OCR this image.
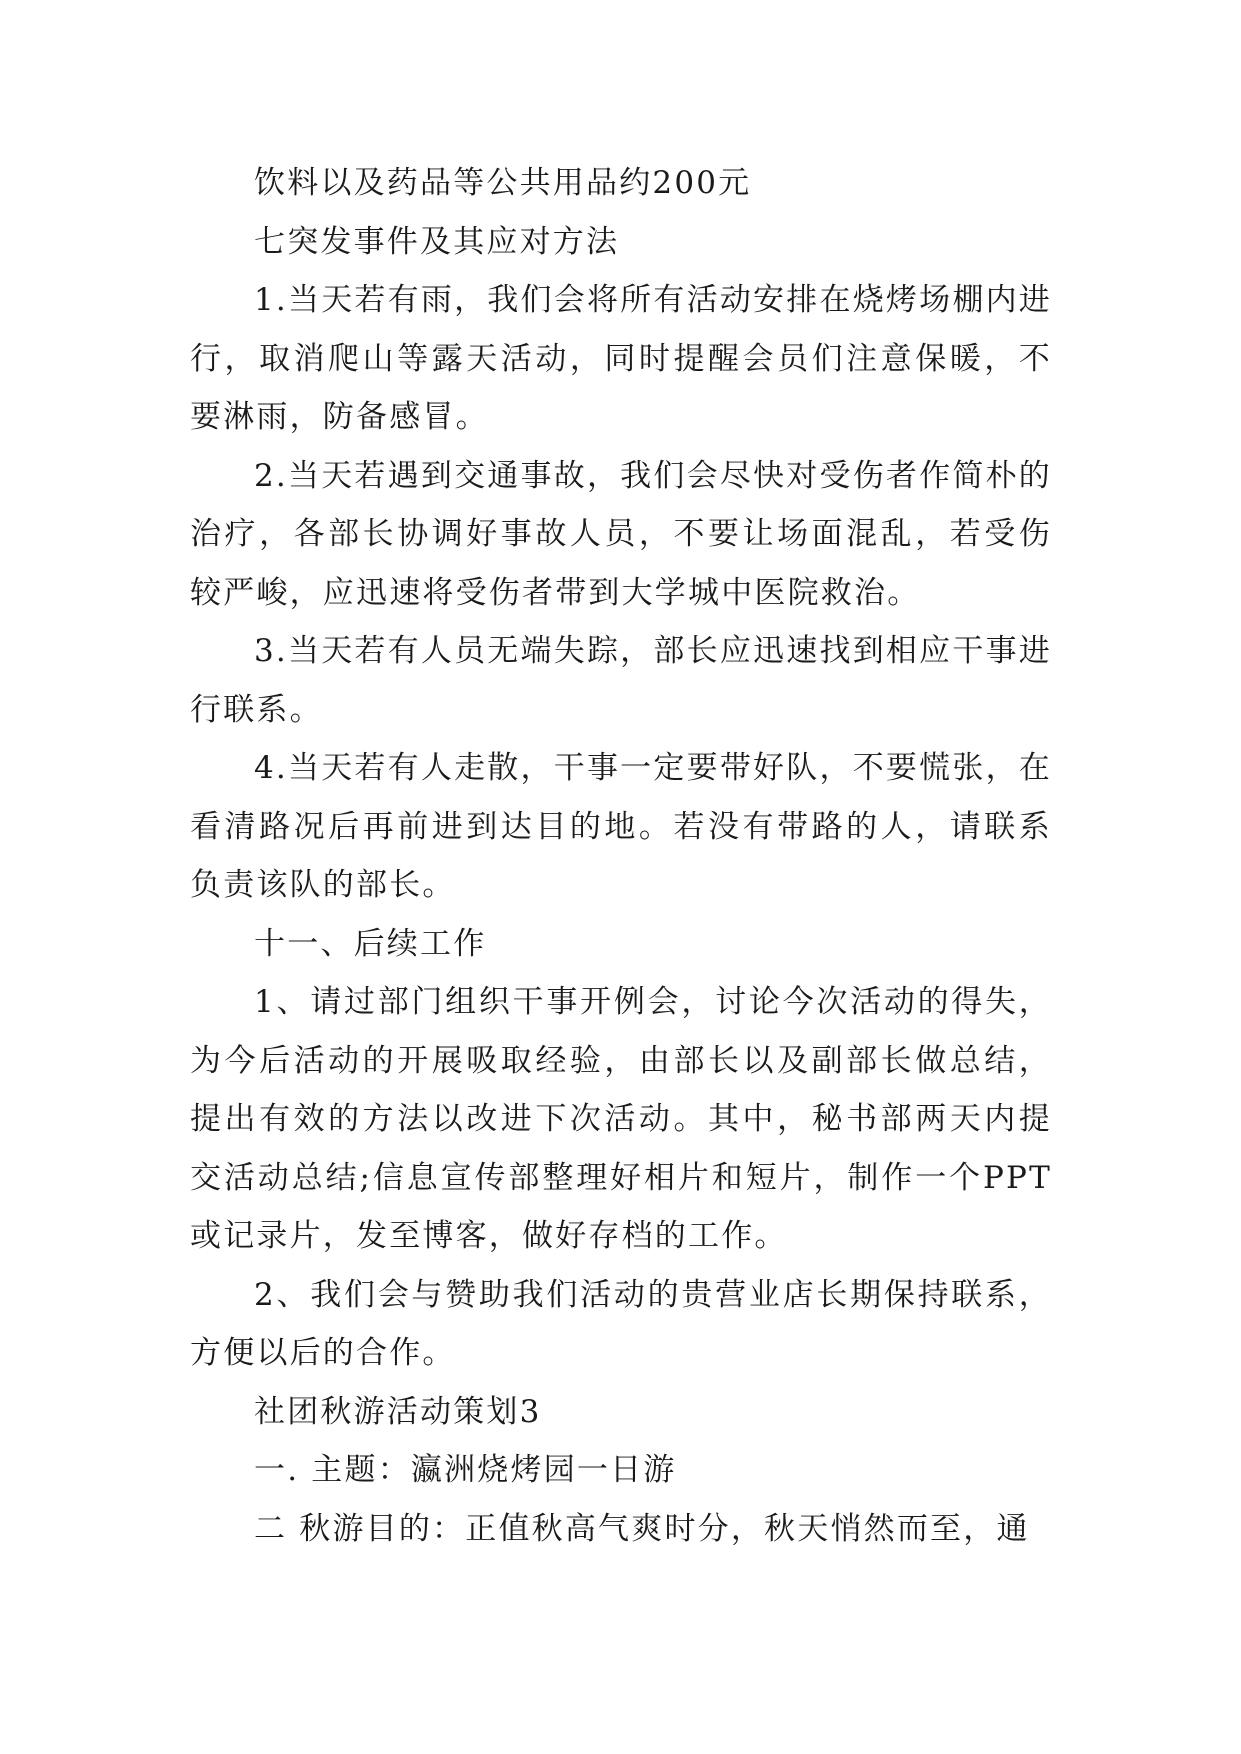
饮料以及药品等公共用品约200元

七突发事件及其应对方法

1.当天若有雨，我们会将所有活动安排在烧烤场棚内进行，取消爬山等露天活动，同时提醒会员们注意保暖，不要淋雨，防备感冒。

2.当天若遇到交通事故，我们会尽快对受伤者作简朴的治疗，各部长协调好事故人员，不要让场面混乱，若受伤较严峻，应迅速将受伤者带到大学城中医院救治。

3.当天若有人员无端失踪，部长应迅速找到相应干事进行联系。

4.当天若有人走散，干事一定要带好队，不要慌张，在看清路况后再前进到达目的地。若没有带路的人，请联系负责该队的部长。

十一、后续工作

1、请过部门组织干事开例会，讨论今次活动的得失，为今后活动的开展吸取经验，由部长以及副部长做总结，提出有效的方法以改进下次活动。其中，秘书部两天内提交活动总结;信息宣传部整理好相片和短片，制作一个PPT或记录片，发至博客，做好存档的工作。

2、我们会与赞助我们活动的贵营业店长期保持联系，方便以后的合作。

社团秋游活动策划3

一. 主题：瀛洲烧烤园一日游

二 秋游目的：正值秋高气爽时分，秋天悄然而至，通
